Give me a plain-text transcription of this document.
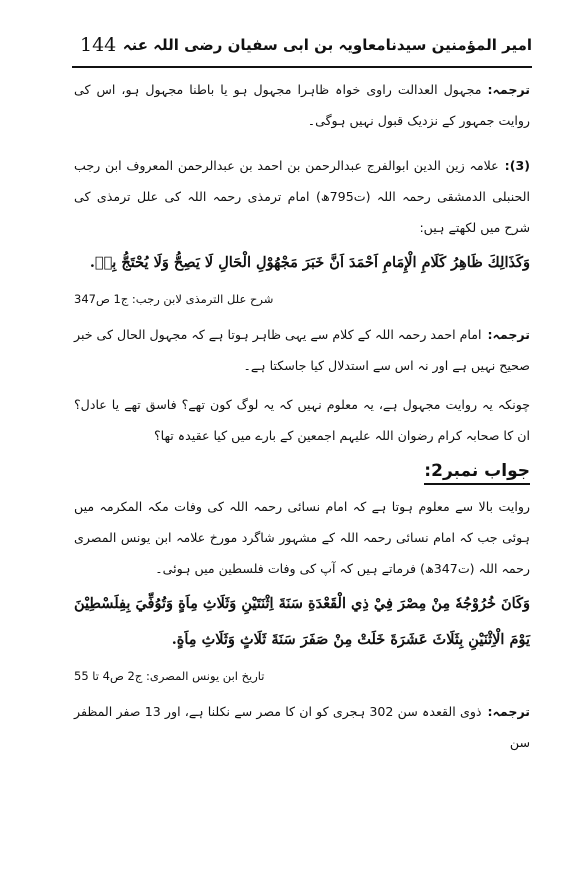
امیر المؤمنین سیدنامعاویہ بن ابی سفیان رضی اللہ عنہ
144

ترجمہ:مجہول العدالت راوی خواہ ظاہرا مجہول ہو یا باطنا مجہول ہو، اس کی روایت جمہور کے نزدیک قبول نہیں ہوگی۔

(3):علامہ زین الدین ابوالفرج عبدالرحمن بن احمد بن عبدالرحمن المعروف ابن رجب الحنبلی الدمشقی رحمہ اللہ (ت795ھ) امام ترمذی رحمہ اللہ کی علل ترمذی کی شرح میں لکھتے ہیں:

وَكَذَالِكَ ظَاهِرُ كَلَامِ الْإِمَامِ اَحْمَدَ اَنَّ خَبَرَ مَجْهُوْلِ الْحَالِ لَا يَصِحُّ وَلَا يُحْتَجُّ بِهٖ.

شرح علل الترمذی لابن رجب: ج1 ص347

ترجمہ:امام احمد رحمہ اللہ کے کلام سے یہی ظاہر ہوتا ہے کہ مجہول الحال کی خبر صحیح نہیں ہے اور نہ اس سے استدلال کیا جاسکتا ہے۔

چونکہ یہ روایت مجہول ہے، یہ معلوم نہیں کہ یہ لوگ کون تھے؟ فاسق تھے یا عادل؟ ان کا صحابہ کرام رضوان اللہ علیہم اجمعین کے بارے میں کیا عقیدہ تھا؟

جواب نمبر2:

روایت بالا سے معلوم ہوتا ہے کہ امام نسائی رحمہ اللہ کی وفات مکہ المکرمہ میں ہوئی جب کہ امام نسائی رحمہ اللہ کے مشہور شاگرد مورخ علامہ ابن یونس المصری رحمہ اللہ (ت347ھ) فرماتے ہیں کہ آپ کی وفات فلسطین میں ہوئی۔

وَكَانَ خُرُوْجُهٗ مِنْ مِصْرَ فِيْ ذِي الْقَعْدَةِ سَنَةَ اِثْنَتَيْنِ وَثَلَاثِ مِاَةٍ وَتُوُفِّيَ بِفِلَسْطِيْنَ يَوْمَ الْاِثْنَيْنِ بِثَلَاثَ عَشَرَةَ خَلَتْ مِنْ صَفَرَ سَنَةَ ثَلَاثٍ وَثَلَاثِ مِاَةٍ.

تاریخ ابن یونس المصری: ج2 ص4 تا 55

ترجمہ:ذوی القعدہ سن 302 ہجری کو ان کا مصر سے نکلنا ہے، اور 13 صفر المظفر سن
